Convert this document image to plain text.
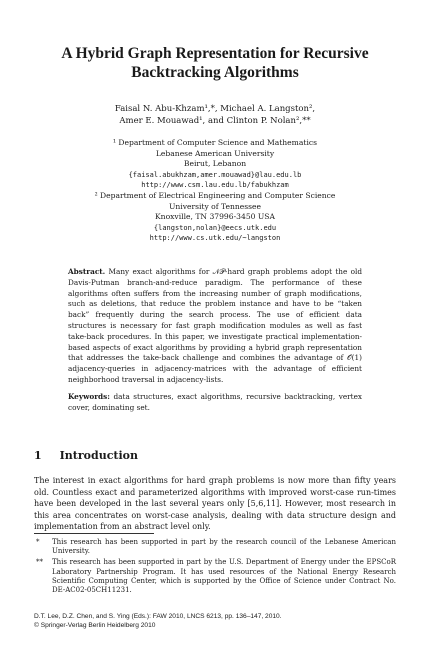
A Hybrid Graph Representation for Recursive
Backtracking Algorithms
Faisal N. Abu-Khzam¹,*, Michael A. Langston²,
Amer E. Mouawad¹, and Clinton P. Nolan²,**
¹ Department of Computer Science and Mathematics
Lebanese American University
Beirut, Lebanon
{faisal.abukhzam,amer.mouawad}@lau.edu.lb
http://www.csm.lau.edu.lb/fabukhzam
² Department of Electrical Engineering and Computer Science
University of Tennessee
Knoxville, TN 37996-3450 USA
{langston,nolan}@eecs.utk.edu
http://www.cs.utk.edu/~langston

Abstract. Many exact algorithms for 𝒩𝒫-hard graph problems adopt the old Davis-Putman branch-and-reduce paradigm. The performance of these algorithms often suffers from the increasing number of graph modifications, such as deletions, that reduce the problem instance and have to be “taken back” frequently during the search process. The use of efficient data structures is necessary for fast graph modification modules as well as fast take-back procedures. In this paper, we investigate practical implementation-based aspects of exact algorithms by providing a hybrid graph representation that addresses the take-back challenge and combines the advantage of 𝒪(1) adjacency-queries in adjacency-matrices with the advantage of efficient neighborhood traversal in adjacency-lists.

Keywords: data structures, exact algorithms, recursive backtracking, vertex cover, dominating set.

1 Introduction

The interest in exact algorithms for hard graph problems is now more than fifty years old. Countless exact and parameterized algorithms with improved worst-case run-times have been developed in the last several years only [5,6,11]. However, most research in this area concentrates on worst-case analysis, dealing with data structure design and implementation from an abstract level only.

*	This research has been supported in part by the research council of the Lebanese American University.
**	This research has been supported in part by the U.S. Department of Energy under the EPSCoR Laboratory Partnership Program. It has used resources of the National Energy Research Scientific Computing Center, which is supported by the Office of Science under Contract No. DE-AC02-05CH11231.
D.T. Lee, D.Z. Chen, and S. Ying (Eds.): FAW 2010, LNCS 6213, pp. 136–147, 2010.
© Springer-Verlag Berlin Heidelberg 2010
